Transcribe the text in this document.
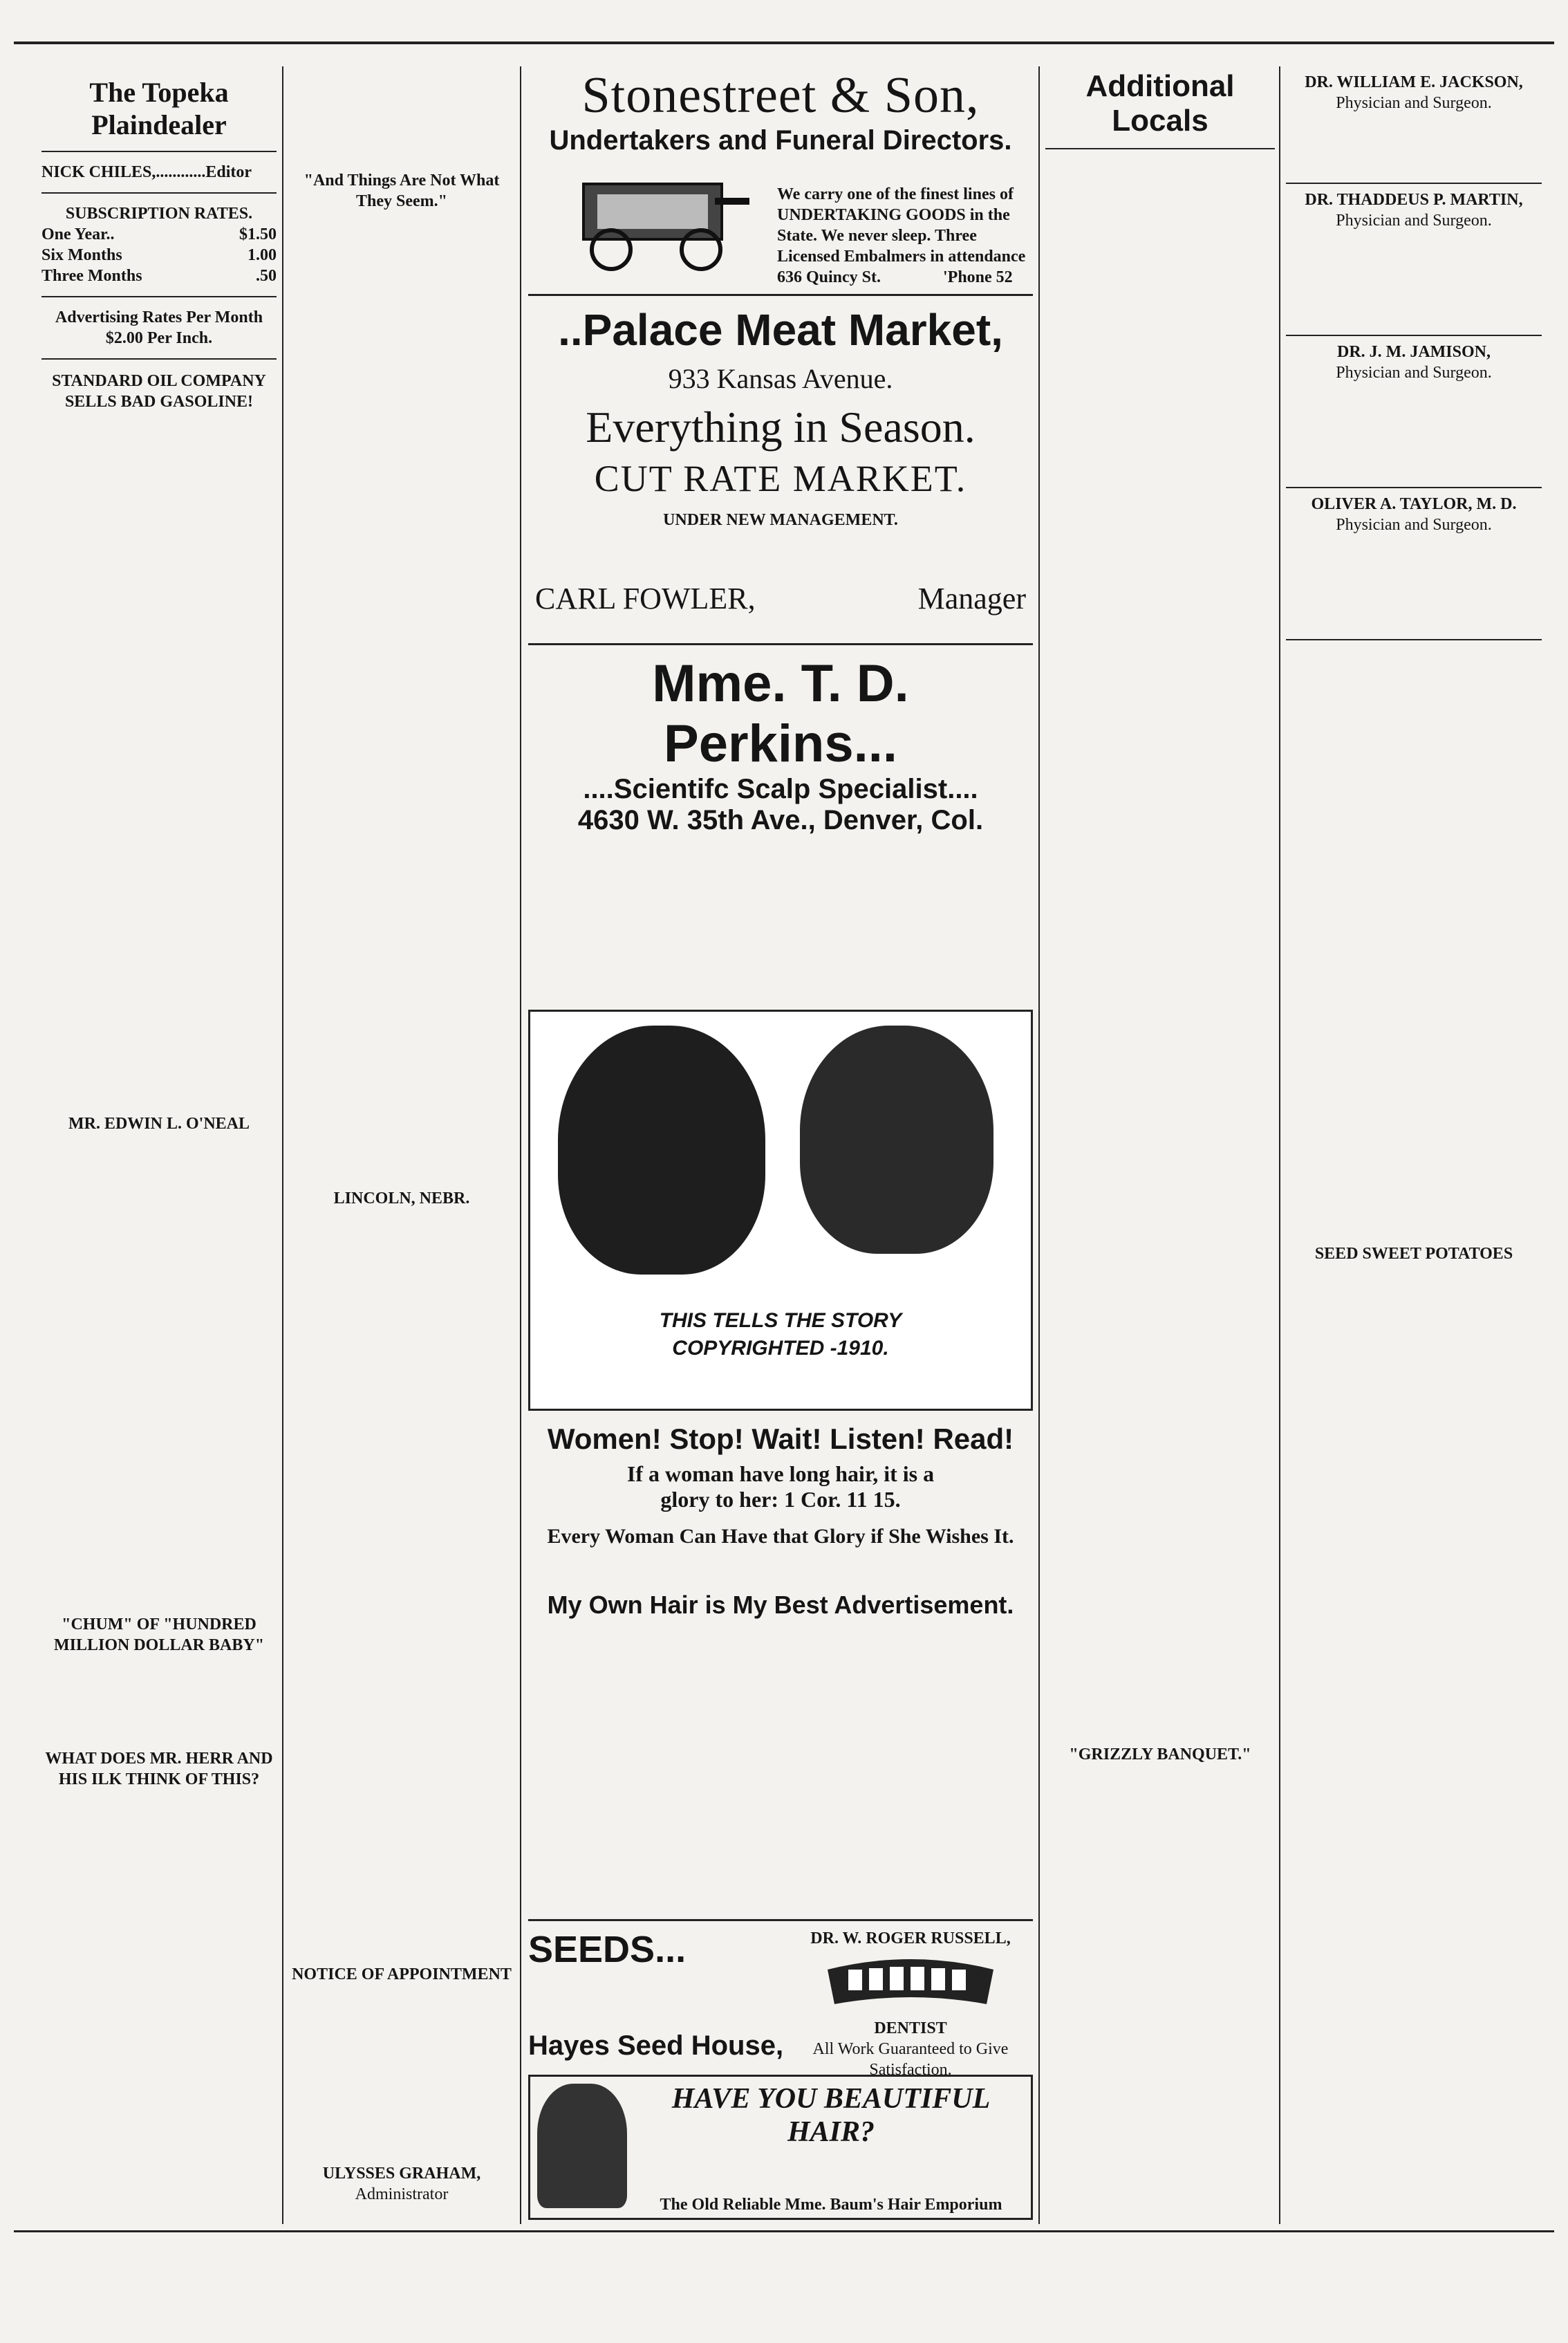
The Topeka Plaindealer
NICK CHILES,............Editor
SUBSCRIPTION RATES.
One Year..	$1.50
Six Months	1.00
Three Months	.50
Advertising Rates Per Month $2.00 Per Inch.
STANDARD OIL COMPANY SELLS BAD GASOLINE!
MR. EDWIN L. O'NEAL
"CHUM" OF "HUNDRED MILLION DOLLAR BABY"
WHAT DOES MR. HERR AND HIS ILK THINK OF THIS?
"And Things Are Not What They Seem."
LINCOLN, NEBR.
NOTICE OF APPOINTMENT
ULYSSES GRAHAM,
Administrator
Stonestreet & Son,
Undertakers and Funeral Directors.
We carry one of the finest lines of UNDERTAKING GOODS in the State. We never sleep. Three Licensed Embalmers in attendance
636 Quincy St.	'Phone 52
..Palace Meat Market,
933 Kansas Avenue.
Everything in Season.
CUT RATE MARKET.
UNDER NEW MANAGEMENT.
CARL FOWLER,	Manager
Mme. T. D. Perkins...
....Scientifc Scalp Specialist....
4630 W. 35th Ave., Denver, Col.
THIS TELLS THE STORY
COPYRIGHTED -1910.
Women! Stop! Wait! Listen! Read!
If a woman have long hair, it is a glory to her: 1 Cor. 11 15.
Every Woman Can Have that Glory if She Wishes It.
My Own Hair is My Best Advertisement.
SEEDS...
Hayes Seed House,
DR. W. ROGER RUSSELL,
DENTIST
All Work Guaranteed to Give Satisfaction.
HAVE YOU BEAUTIFUL HAIR?
The Old Reliable Mme. Baum's Hair Emporium
Additional Locals
"GRIZZLY BANQUET."
DR. WILLIAM E. JACKSON,
Physician and Surgeon.
DR. THADDEUS P. MARTIN,
Physician and Surgeon.
DR. J. M. JAMISON,
Physician and Surgeon.
OLIVER A. TAYLOR, M. D.
Physician and Surgeon.
SEED SWEET POTATOES
